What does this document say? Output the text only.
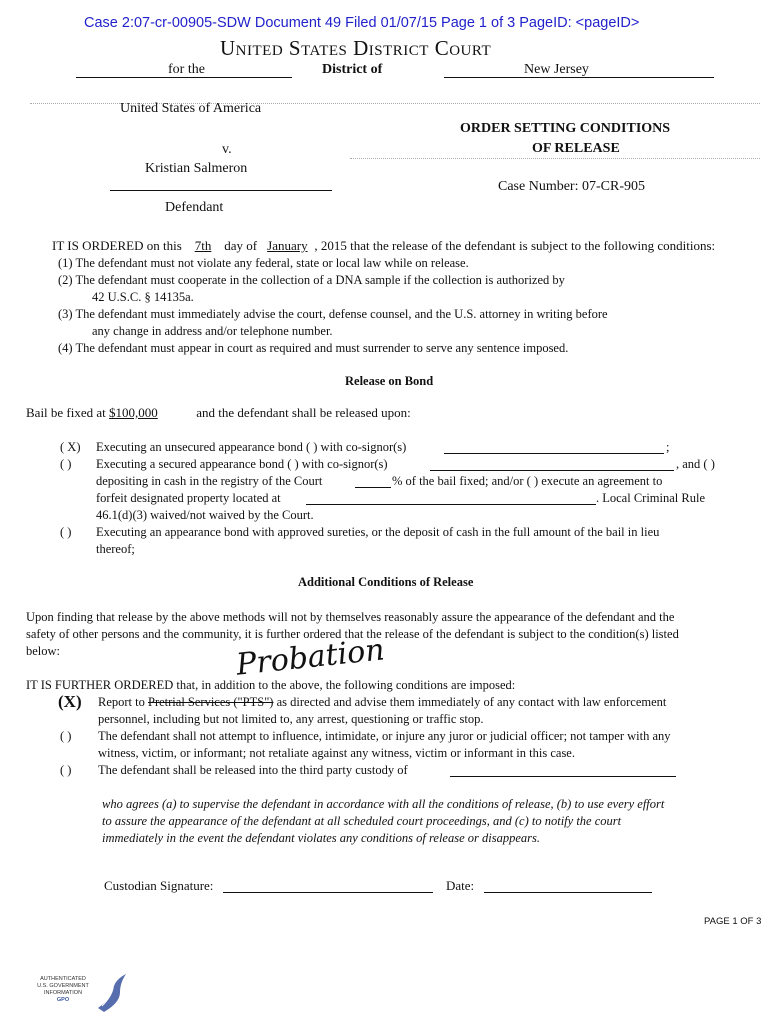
Case 2:07-cr-00905-SDW Document 49 Filed 01/07/15 Page 1 of 3 PageID: <pageID>
United States District Court
for the	District of	New Jersey
United States of America
v.
Kristian Salmeron
Defendant
ORDER SETTING CONDITIONS
OF RELEASE
Case Number: 07-CR-905
IT IS ORDERED on this 7th day of January , 2015 that the release of the defendant is subject to the following conditions:
(1) The defendant must not violate any federal, state or local law while on release.
(2) The defendant must cooperate in the collection of a DNA sample if the collection is authorized by
42 U.S.C. § 14135a.
(3) The defendant must immediately advise the court, defense counsel, and the U.S. attorney in writing before
any change in address and/or telephone number.
(4) The defendant must appear in court as required and must surrender to serve any sentence imposed.
Release on Bond
Bail be fixed at $100,000	and the defendant shall be released upon:
( X) Executing an unsecured appearance bond ( ) with co-signor(s)	;
( ) Executing a secured appearance bond ( ) with co-signor(s)	, and ( )
depositing in cash in the registry of the Court	% of the bail fixed; and/or ( ) execute an agreement to
forfeit designated property located at	. Local Criminal Rule
46.1(d)(3) waived/not waived by the Court.
( ) Executing an appearance bond with approved sureties, or the deposit of cash in the full amount of the bail in lieu
thereof;
Additional Conditions of Release
Upon finding that release by the above methods will not by themselves reasonably assure the appearance of the defendant and the
safety of other persons and the community, it is further ordered that the release of the defendant is subject to the condition(s) listed
below:	Probation
IT IS FURTHER ORDERED that, in addition to the above, the following conditions are imposed:
(X) Report to Pretrial Services ("PTS") as directed and advise them immediately of any contact with law enforcement
personnel, including but not limited to, any arrest, questioning or traffic stop.
( ) The defendant shall not attempt to influence, intimidate, or injure any juror or judicial officer; not tamper with any
witness, victim, or informant; not retaliate against any witness, victim or informant in this case.
( ) The defendant shall be released into the third party custody of
who agrees (a) to supervise the defendant in accordance with all the conditions of release, (b) to use every effort
to assure the appearance of the defendant at all scheduled court proceedings, and (c) to notify the court
immediately in the event the defendant violates any conditions of release or disappears.
Custodian Signature:	Date:
PAGE 1 OF 3
AUTHENTICATED
U.S. GOVERNMENT
INFORMATION
GPO
